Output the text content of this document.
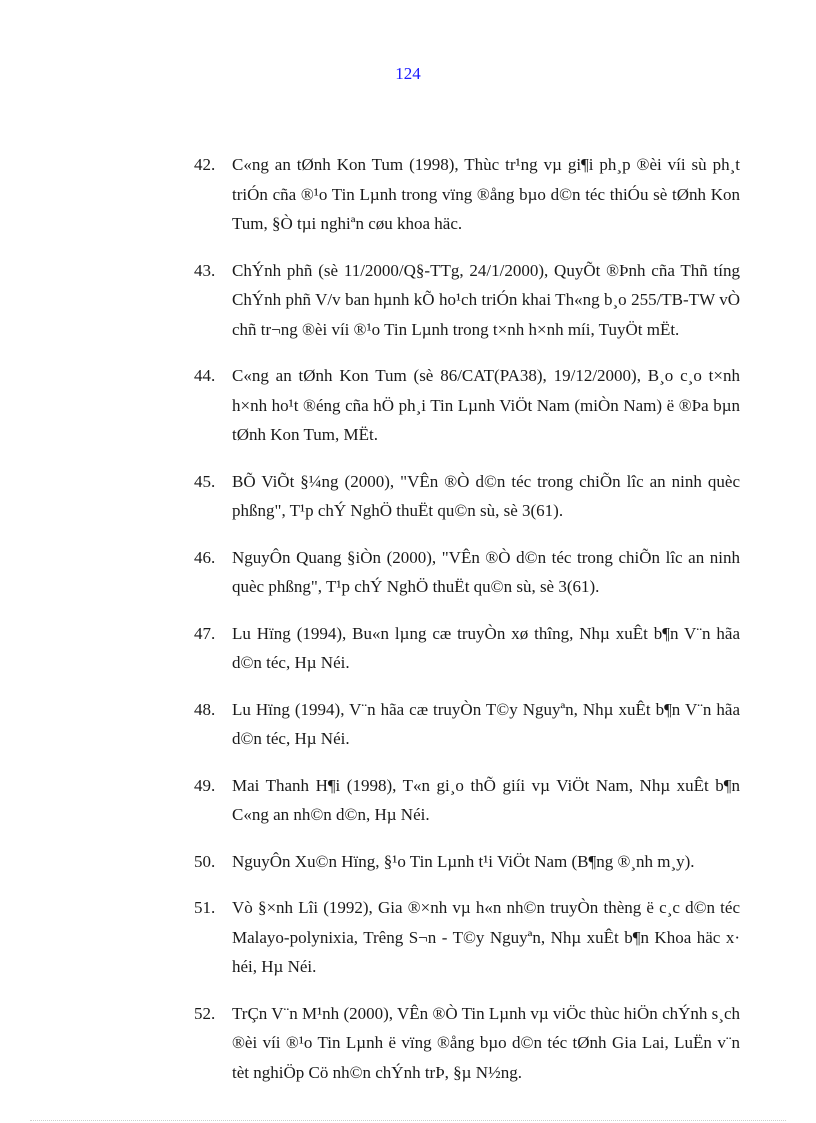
124

42. C«ng an tØnh Kon Tum (1998), Thùc tr¹ng vµ gi¶i ph¸p ®èi víi sù ph¸t triÓn cña ®¹o Tin Lµnh trong vïng ®ång bµo d©n téc thiÓu sè tØnh Kon Tum, §Ò tµi nghiªn cøu khoa häc.

43. ChÝnh phñ (sè 11/2000/Q§-TTg, 24/1/2000), QuyÕt ®Þnh cña Thñ tíng ChÝnh phñ V/v ban hµnh kÕ ho¹ch triÓn khai Th«ng b¸o 255/TB-TW vÒ chñ tr¬ng ®èi víi ®¹o Tin Lµnh trong t×nh h×nh míi, TuyÖt mËt.

44. C«ng an tØnh Kon Tum (sè 86/CAT(PA38), 19/12/2000), B¸o c¸o t×nh h×nh ho¹t ®éng cña hÖ ph¸i Tin Lµnh ViÖt Nam (miÒn Nam) ë ®Þa bµn tØnh Kon Tum, MËt.

45. BÕ ViÕt §¼ng (2000), "VÊn ®Ò d©n téc trong chiÕn lîc an ninh quèc phßng", T¹p chÝ NghÖ thuËt qu©n sù, sè 3(61).

46. NguyÔn Quang §iÒn (2000), "VÊn ®Ò d©n téc trong chiÕn lîc an ninh quèc phßng", T¹p chÝ NghÖ thuËt qu©n sù, sè 3(61).

47. Lu Hïng (1994), Bu«n lµng cæ truyÒn xø thîng, Nhµ xuÊt b¶n V¨n hãa d©n téc, Hµ Néi.

48. Lu Hïng (1994), V¨n hãa cæ truyÒn T©y Nguyªn, Nhµ xuÊt b¶n V¨n hãa d©n téc, Hµ Néi.

49. Mai Thanh H¶i (1998), T«n gi¸o thÕ giíi vµ ViÖt Nam, Nhµ xuÊt b¶n C«ng an nh©n d©n, Hµ Néi.

50. NguyÔn Xu©n Hïng, §¹o Tin Lµnh t¹i ViÖt Nam (B¶ng ®¸nh m¸y).

51. Vò §×nh Lîi (1992), Gia ®×nh vµ h«n nh©n truyÒn thèng ë c¸c d©n téc Malayo-polynixia, Trêng S¬n - T©y Nguyªn, Nhµ xuÊt b¶n Khoa häc x· héi, Hµ Néi.

52. TrÇn V¨n M¹nh (2000), VÊn ®Ò Tin Lµnh vµ viÖc thùc hiÖn chÝnh s¸ch ®èi víi ®¹o Tin Lµnh ë vïng ®ång bµo d©n téc tØnh Gia Lai, LuËn v¨n tèt nghiÖp Cö nh©n chÝnh trÞ, §µ N½ng.
